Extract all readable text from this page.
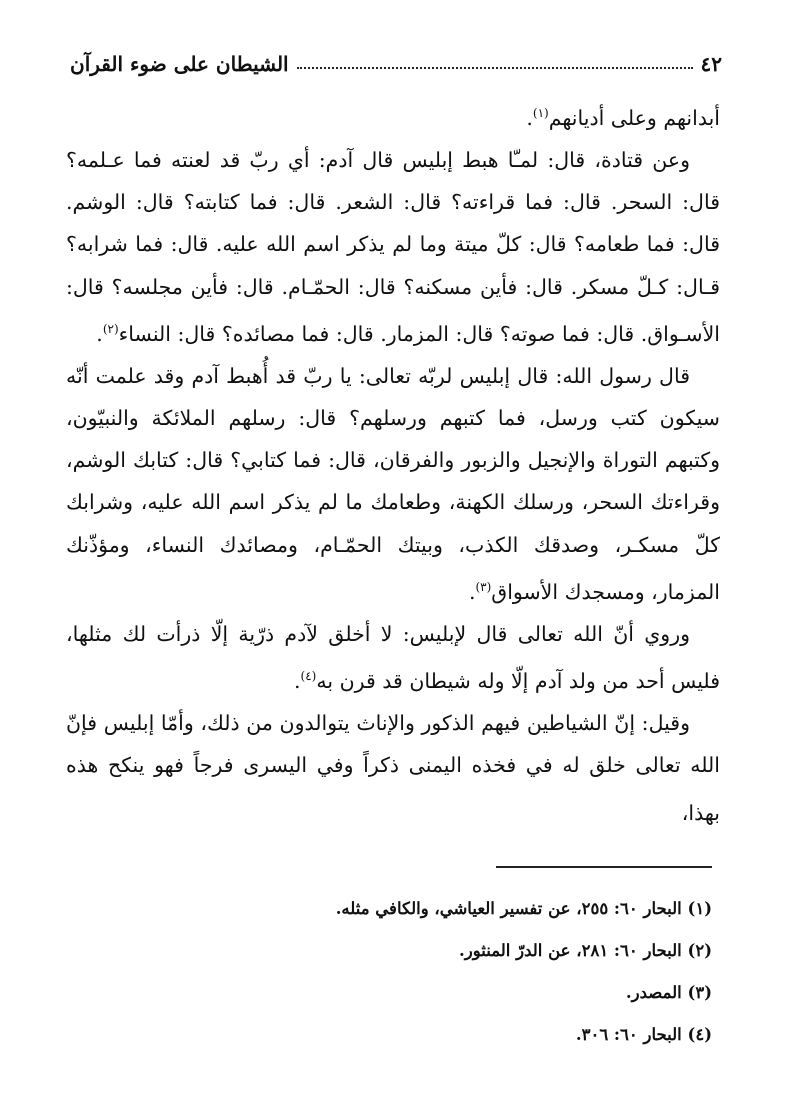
٤٢
الشيطان على ضوء القرآن

أبدانهم وعلى أديانهم$^{(١)}$.

وعن قتادة، قال: لمـّا هبط إبليس قال آدم: أي ربّ قد لعنته فما عـلمه؟ قال: السحر. قال: فما قراءته؟ قال: الشعر. قال: فما كتابته؟ قال: الوشم. قال: فما طعامه؟ قال: كلّ ميتة وما لم يذكر اسم الله عليه. قال: فما شرابه؟ قـال: كـلّ مسكر. قال: فأين مسكنه؟ قال: الحمّـام. قال: فأين مجلسه؟ قال: الأسـواق. قال: فما صوته؟ قال: المزمار. قال: فما مصائده؟ قال: النساء$^{(٢)}$.

قال رسول الله: قال إبليس لربّه تعالى: يا ربّ قد أُهبط آدم وقد علمت أنّه سيكون كتب ورسل، فما كتبهم ورسلهم؟ قال: رسلهم الملائكة والنبيّون، وكتبهم التوراة والإنجيل والزبور والفرقان، قال: فما كتابي؟ قال: كتابك الوشم، وقراءتك السحر، ورسلك الكهنة، وطعامك ما لم يذكر اسم الله عليه، وشرابك كلّ مسكـر، وصدقك الكذب، وبيتك الحمّـام، ومصائدك النساء، ومؤذّنك المزمار، ومسجدك الأسواق$^{(٣)}$.

وروي أنّ الله تعالى قال لإبليس: لا أخلق لآدم ذرّية إلّا ذرأت لك مثلها، فليس أحد من ولد آدم إلّا وله شيطان قد قرن به$^{(٤)}$.

وقيل: إنّ الشياطين فيهم الذكور والإناث يتوالدون من ذلك، وأمّا إبليس فإنّ الله تعالى خلق له في فخذه اليمنى ذكراً وفي اليسرى فرجاً فهو ينكح هذه بهذا،

(١) البحار ٦٠: ٢٥٥، عن تفسير العياشي، والكافي مثله.
(٢) البحار ٦٠: ٢٨١، عن الدرّ المنثور.
(٣) المصدر.
(٤) البحار ٦٠: ٣٠٦.
